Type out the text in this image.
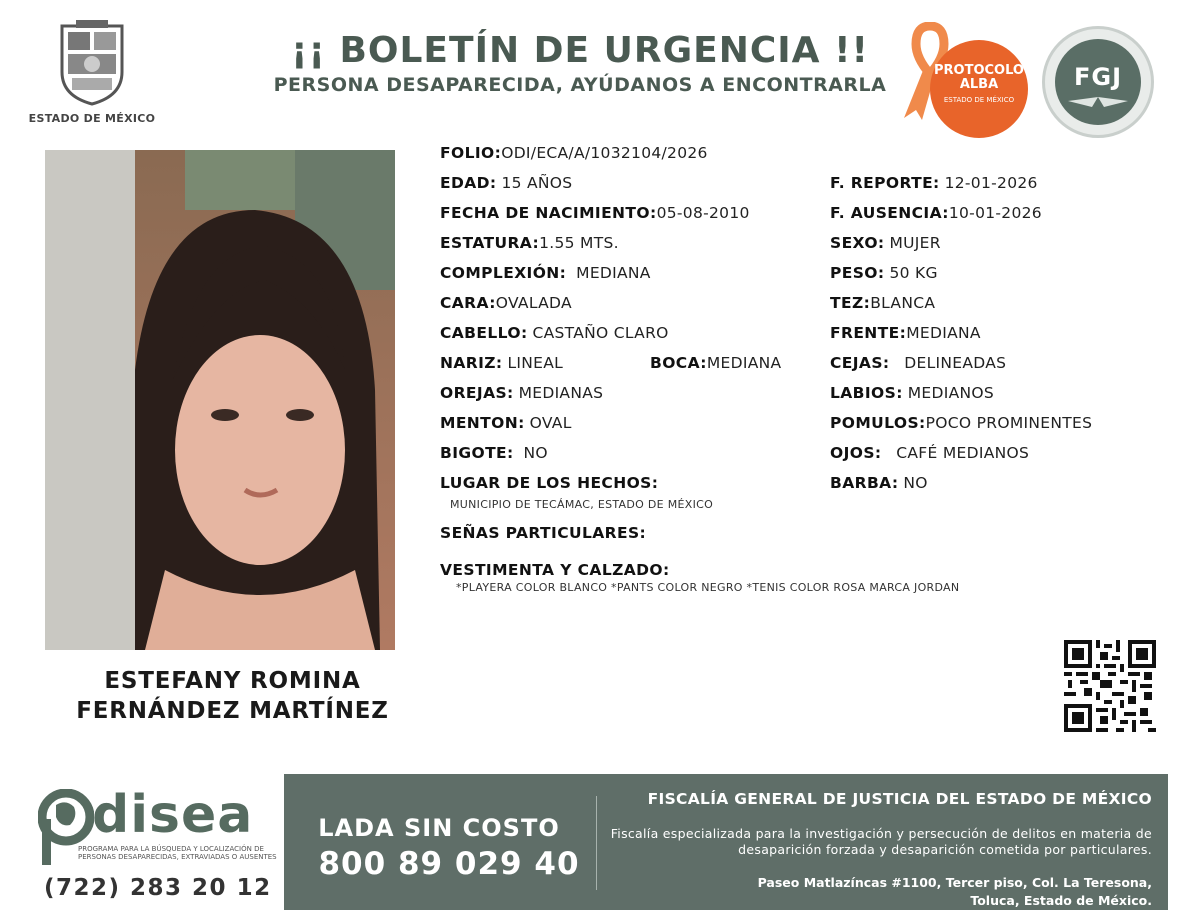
ESTADO DE MÉXICO
¡¡ BOLETÍN DE URGENCIA !!
PERSONA DESAPARECIDA, AYÚDANOS A ENCONTRARLA
PROTOCOLO
ALBA
ESTADO DE MÉXICO
FGJ
ESTEFANY ROMINA
FERNÁNDEZ MARTÍNEZ
FOLIO:ODI/ECA/A/1032104/2026
EDAD: 15 AÑOS
FECHA DE NACIMIENTO:05-08-2010
ESTATURA:1.55 MTS.
COMPLEXIÓN: MEDIANA
CARA:OVALADA
CABELLO: CASTAÑO CLARO
NARIZ: LINEAL	BOCA:MEDIANA
OREJAS: MEDIANAS
MENTON: OVAL
BIGOTE: NO
LUGAR DE LOS HECHOS:
MUNICIPIO DE TECÁMAC, ESTADO DE MÉXICO
SEÑAS PARTICULARES:
VESTIMENTA Y CALZADO:
*PLAYERA COLOR BLANCO *PANTS COLOR NEGRO *TENIS COLOR ROSA MARCA JORDAN
F. REPORTE: 12-01-2026
F. AUSENCIA:10-01-2026
SEXO: MUJER
PESO: 50 KG
TEZ:BLANCA
FRENTE:MEDIANA
CEJAS: DELINEADAS
LABIOS: MEDIANOS
POMULOS:POCO PROMINENTES
OJOS: CAFÉ MEDIANOS
BARBA: NO
disea
PROGRAMA PARA LA BÚSQUEDA Y LOCALIZACIÓN DE PERSONAS DESAPARECIDAS, EXTRAVIADAS O AUSENTES
(722) 283 20 12
LADA SIN COSTO
800 89 029 40
FISCALÍA GENERAL DE JUSTICIA DEL ESTADO DE MÉXICO
Fiscalía especializada para la investigación y persecución de delitos en materia de desaparición forzada y desaparición cometida por particulares.
Paseo Matlazíncas #1100, Tercer piso, Col. La Teresona,
Toluca, Estado de México.
